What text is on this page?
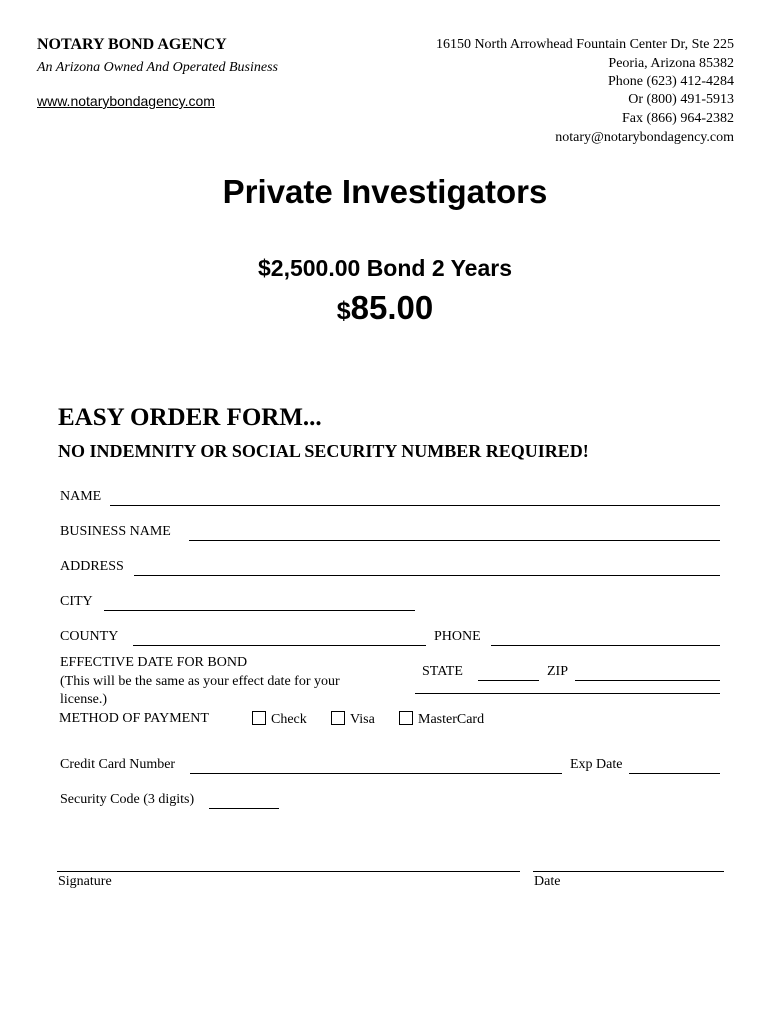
NOTARY BOND AGENCY
An Arizona Owned And Operated Business
www.notarybondagency.com
16150 North Arrowhead Fountain Center Dr, Ste 225
Peoria, Arizona 85382
Phone (623) 412-4284
Or (800) 491-5913
Fax (866) 964-2382
notary@notarybondagency.com
Private Investigators
$2,500.00 Bond 2 Years
$85.00
EASY ORDER FORM...
NO INDEMNITY OR SOCIAL SECURITY NUMBER REQUIRED!
NAME
BUSINESS NAME
ADDRESS
CITY
COUNTY	PHONE
EFFECTIVE DATE FOR BOND
(This will be the same as your effect date for your
license.)
STATE	ZIP
METHOD OF PAYMENT	Check	Visa	MasterCard
Credit Card Number	Exp Date
Security Code (3 digits)
Signature	Date
